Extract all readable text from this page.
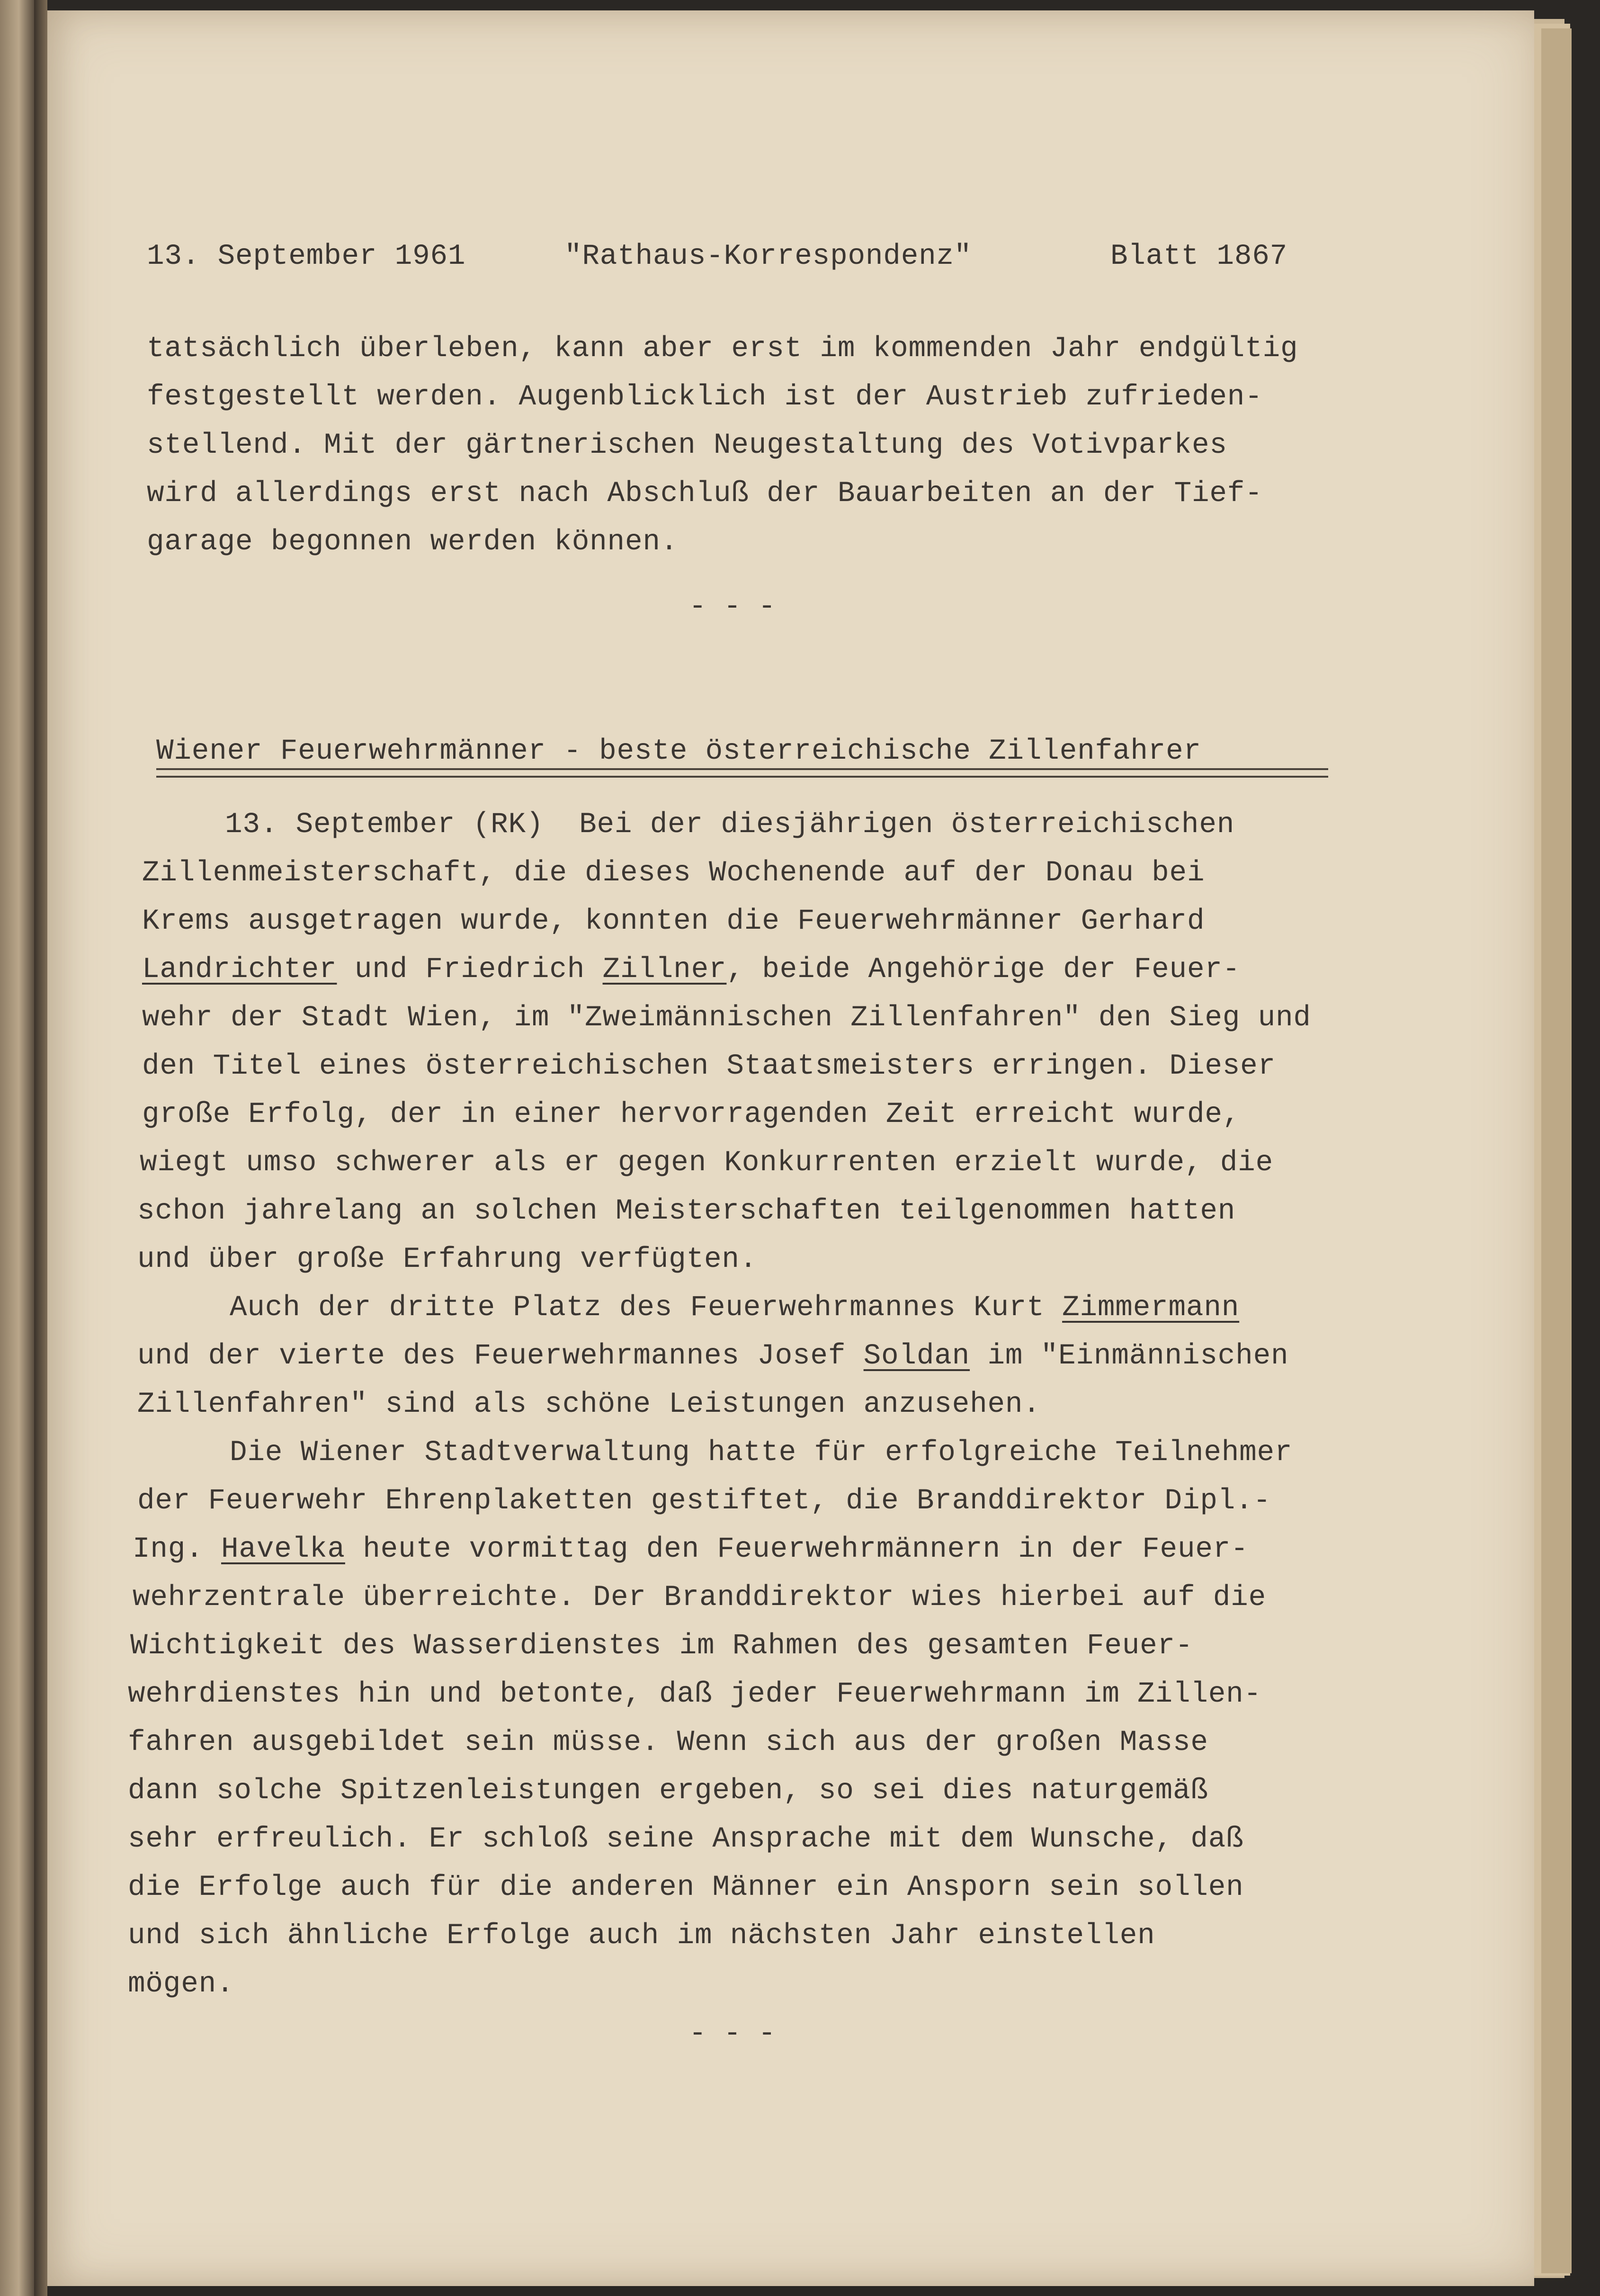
13. September 1961	"Rathaus-Korrespondenz"	Blatt 1867
tatsächlich überleben, kann aber erst im kommenden Jahr endgültig
festgestellt werden. Augenblicklich ist der Austrieb zufrieden-
stellend. Mit der gärtnerischen Neugestaltung des Votivparkes
wird allerdings erst nach Abschluß der Bauarbeiten an der Tief-
garage begonnen werden können.
- - -
Wiener Feuerwehrmänner - beste österreichische Zillenfahrer
13. September (RK)  Bei der diesjährigen österreichischen
Zillenmeisterschaft, die dieses Wochenende auf der Donau bei
Krems ausgetragen wurde, konnten die Feuerwehrmänner Gerhard
Landrichter und Friedrich Zillner, beide Angehörige der Feuer-
wehr der Stadt Wien, im "Zweimännischen Zillenfahren" den Sieg und
den Titel eines österreichischen Staatsmeisters erringen. Dieser
große Erfolg, der in einer hervorragenden Zeit erreicht wurde,
wiegt umso schwerer als er gegen Konkurrenten erzielt wurde, die
schon jahrelang an solchen Meisterschaften teilgenommen hatten
und über große Erfahrung verfügten.
Auch der dritte Platz des Feuerwehrmannes Kurt Zimmermann
und der vierte des Feuerwehrmannes Josef Soldan im "Einmännischen
Zillenfahren" sind als schöne Leistungen anzusehen.
Die Wiener Stadtverwaltung hatte für erfolgreiche Teilnehmer
der Feuerwehr Ehrenplaketten gestiftet, die Branddirektor Dipl.-
Ing. Havelka heute vormittag den Feuerwehrmännern in der Feuer-
wehrzentrale überreichte. Der Branddirektor wies hierbei auf die
Wichtigkeit des Wasserdienstes im Rahmen des gesamten Feuer-
wehrdienstes hin und betonte, daß jeder Feuerwehrmann im Zillen-
fahren ausgebildet sein müsse. Wenn sich aus der großen Masse
dann solche Spitzenleistungen ergeben, so sei dies naturgemäß
sehr erfreulich. Er schloß seine Ansprache mit dem Wunsche, daß
die Erfolge auch für die anderen Männer ein Ansporn sein sollen
und sich ähnliche Erfolge auch im nächsten Jahr einstellen
mögen.
- - -
